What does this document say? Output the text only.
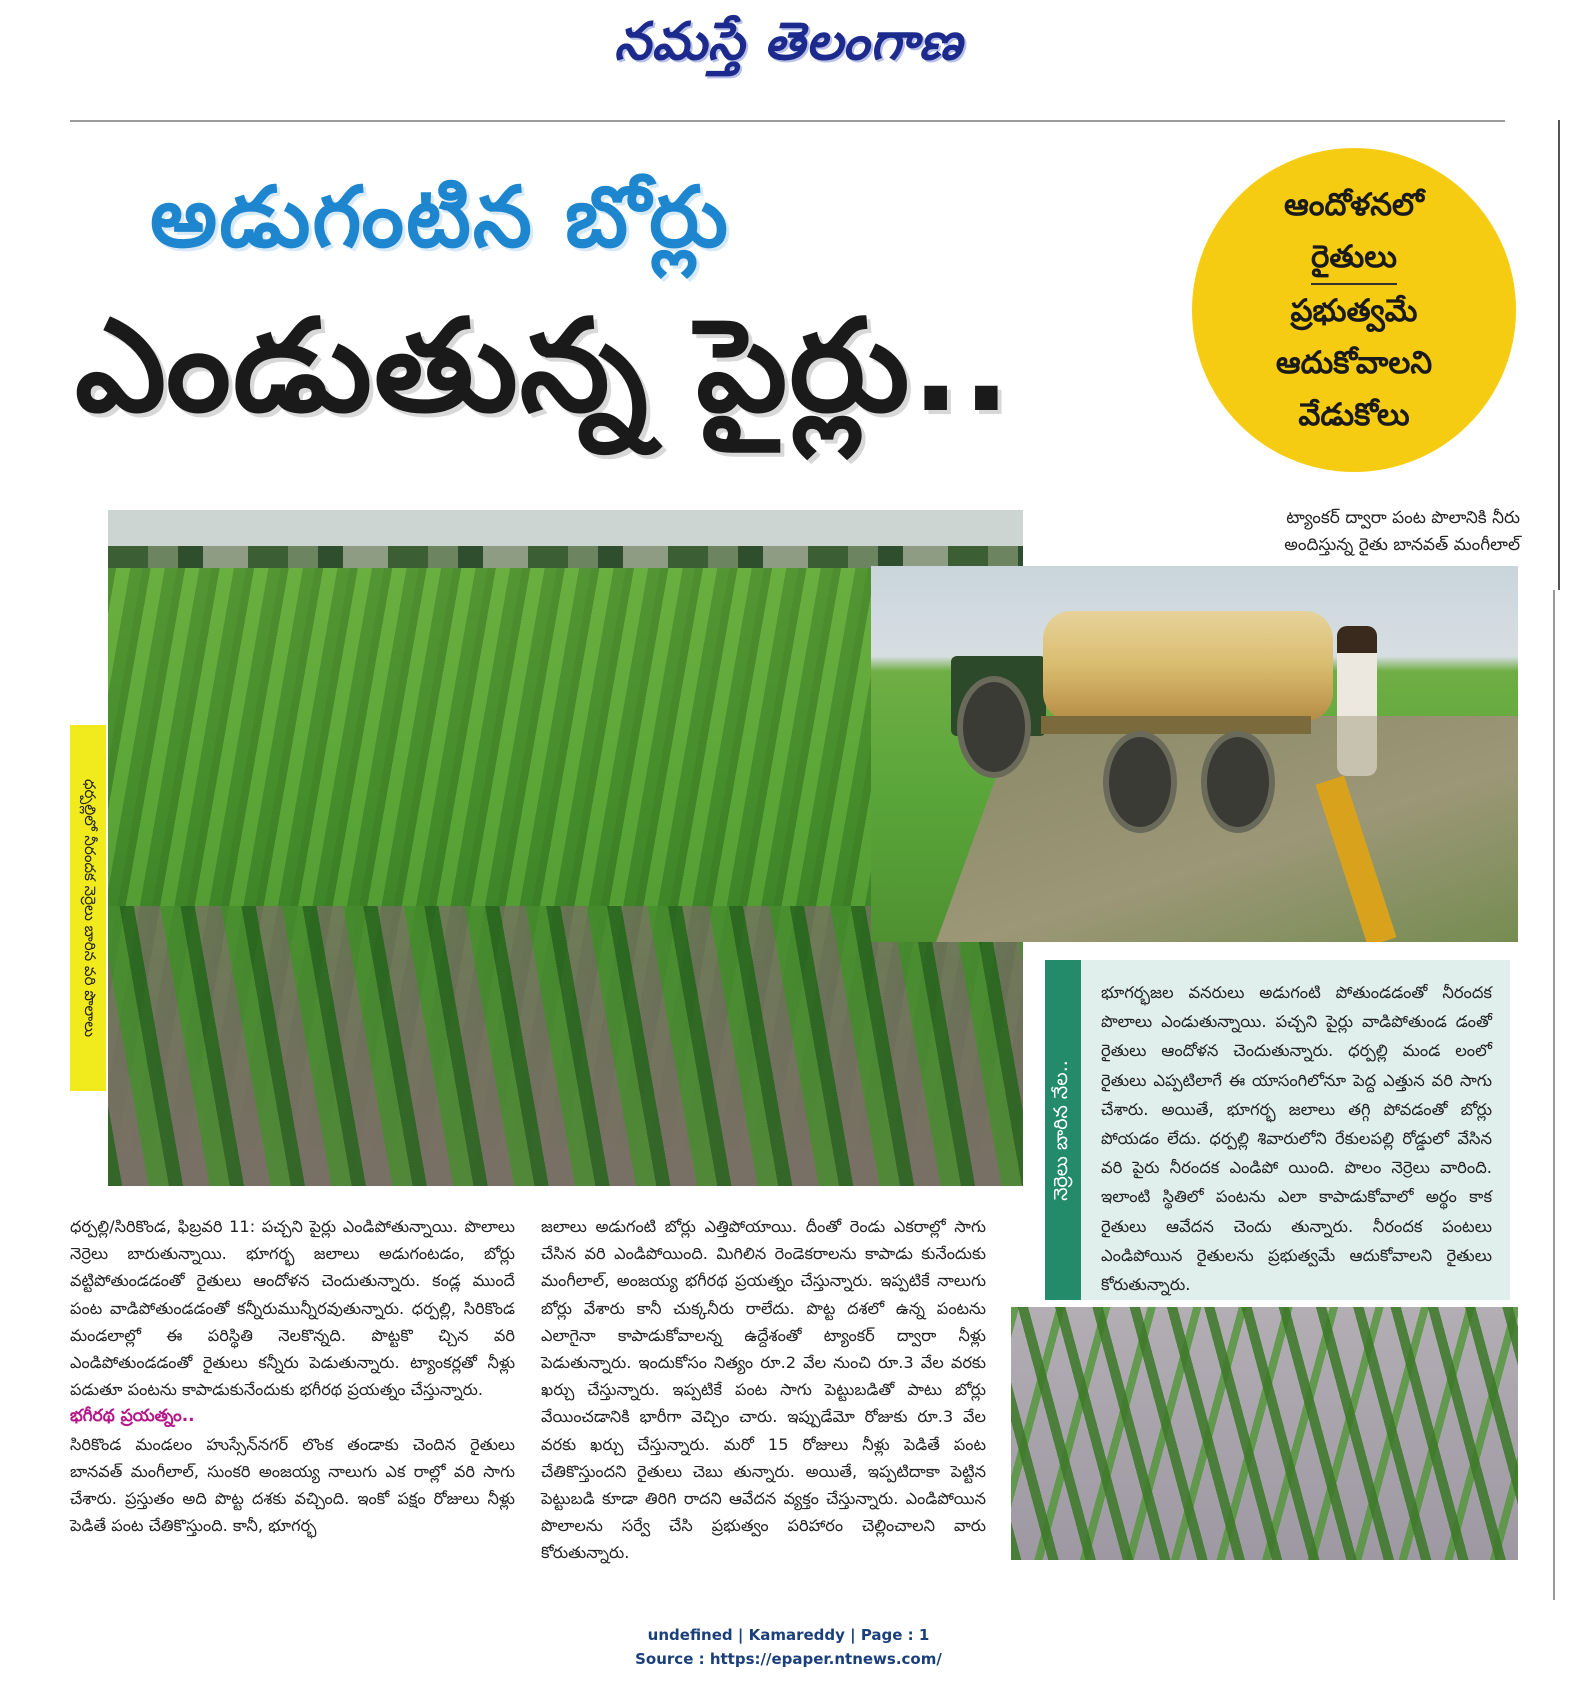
నమస్తే తెలంగాణ
అడుగంటిన బోర్లు
ఎండుతున్న పైర్లు..
ఆందోళనలో
రైతులు
ప్రభుత్వమే
ఆదుకోవాలని
వేడుకోలు
ధర్పల్లిలో నీరందక నెర్రెలు బారిన వరి పొలాలు
ట్యాంకర్ ద్వారా పంట పొలానికి నీరు
అందిస్తున్న రైతు బానవత్ మంగీలాల్
నెర్రెలు బారిన నేల..
భూగర్భజల వనరులు అడుగంటి పోతుండడంతో నీరందక పొలాలు ఎండుతున్నాయి. పచ్చని పైర్లు వాడిపోతుండ డంతో రైతులు ఆందోళన చెందుతున్నారు. ధర్పల్లి మండ లంలో రైతులు ఎప్పటిలాగే ఈ యాసంగిలోనూ పెద్ద ఎత్తున వరి సాగు చేశారు. అయితే, భూగర్భ జలాలు తగ్గి పోవడంతో బోర్లు పోయడం లేదు. ధర్పల్లి శివారులోని రేకులపల్లి రోడ్డులో వేసిన వరి పైరు నీరందక ఎండిపో యింది. పొలం నెర్రెలు వారింది. ఇలాంటి స్థితిలో పంటను ఎలా కాపాడుకోవాలో అర్థం కాక రైతులు ఆవేదన చెందు తున్నారు. నీరందక పంటలు ఎండిపోయిన రైతులను ప్రభుత్వమే ఆదుకోవాలని రైతులు కోరుతున్నారు.
ధర్పల్లి/సిరికొండ, ఫిబ్రవరి 11: పచ్చని పైర్లు ఎండిపోతున్నాయి. పొలాలు నెర్రెలు బారుతున్నాయి. భూగర్భ జలాలు అడుగంటడం, బోర్లు వట్టిపోతుండడంతో రైతులు ఆందోళన చెందుతున్నారు. కండ్ల ముందే పంట వాడిపోతుండడంతో కన్నీరుమున్నీరవుతున్నారు. ధర్పల్లి, సిరికొండ మండలాల్లో ఈ పరిస్థితి నెలకొన్నది. పొట్టకొ చ్చిన వరి ఎండిపోతుండడంతో రైతులు కన్నీరు పెడుతున్నారు. ట్యాంకర్లతో నీళ్లు పడుతూ పంటను కాపాడుకునేందుకు భగీరథ ప్రయత్నం చేస్తున్నారు.
భగీరథ ప్రయత్నం..
సిరికొండ మండలం హుస్సేన్‌నగర్ లొంక తండాకు చెందిన రైతులు బానవత్ మంగీలాల్, సుంకరి అంజయ్య నాలుగు ఎక రాల్లో వరి సాగు చేశారు. ప్రస్తుతం అది పొట్ట దశకు వచ్చింది. ఇంకో పక్షం రోజులు నీళ్లు పెడితే పంట చేతికొస్తుంది. కానీ, భూగర్భ
జలాలు అడుగంటి బోర్లు ఎత్తిపోయాయి. దీంతో రెండు ఎకరాల్లో సాగు చేసిన వరి ఎండిపోయింది. మిగిలిన రెండెకరాలను కాపాడు కునేందుకు మంగీలాల్, అంజయ్య భగీరథ ప్రయత్నం చేస్తున్నారు. ఇప్పటికే నాలుగు బోర్లు వేశారు కానీ చుక్కనీరు రాలేదు. పొట్ట దశలో ఉన్న పంటను ఎలాగైనా కాపాడుకోవాలన్న ఉద్దేశంతో ట్యాంకర్ ద్వారా నీళ్లు పెడుతున్నారు. ఇందుకోసం నిత్యం రూ.2 వేల నుంచి రూ.3 వేల వరకు ఖర్చు చేస్తున్నారు. ఇప్పటికే పంట సాగు పెట్టుబడితో పాటు బోర్లు వేయించడానికి భారీగా వెచ్చిం చారు. ఇప్పుడేమో రోజుకు రూ.3 వేల వరకు ఖర్చు చేస్తున్నారు. మరో 15 రోజులు నీళ్లు పెడితే పంట చేతికొస్తుందని రైతులు చెబు తున్నారు. అయితే, ఇప్పటిదాకా పెట్టిన పెట్టుబడి కూడా తిరిగి రాదని ఆవేదన వ్యక్తం చేస్తున్నారు. ఎండిపోయిన పొలాలను సర్వే చేసి ప్రభుత్వం పరిహారం చెల్లించాలని వారు కోరుతున్నారు.
undefined | Kamareddy | Page : 1
Source : https://epaper.ntnews.com/
